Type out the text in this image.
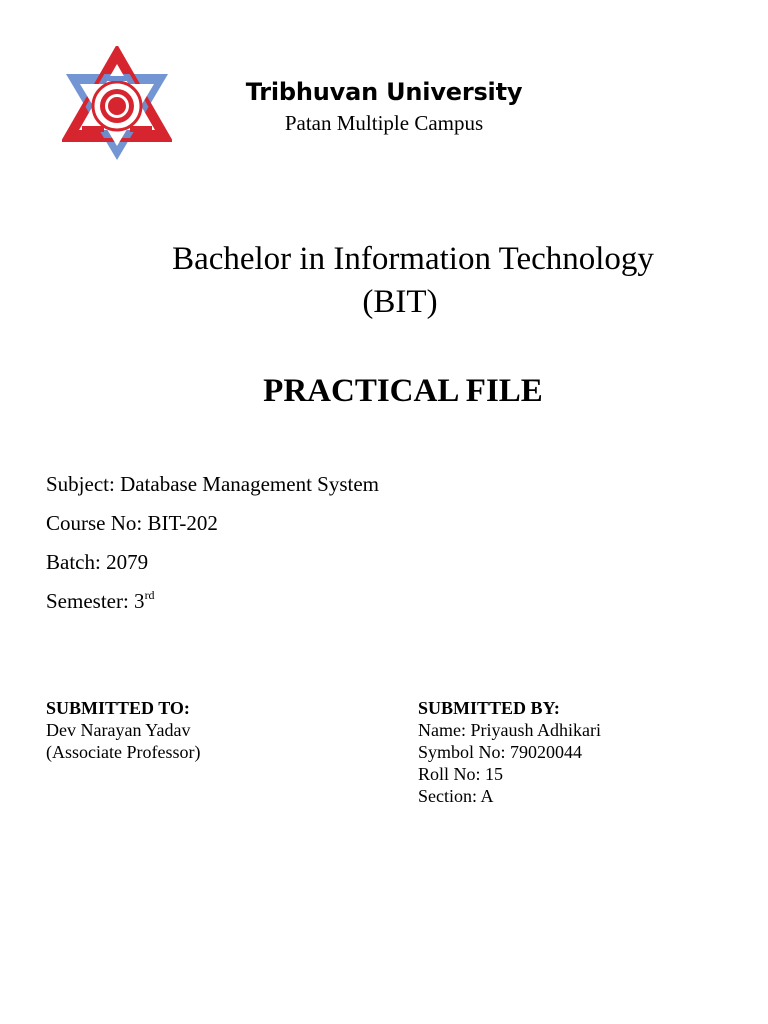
Tribhuvan University
Patan Multiple Campus
Bachelor in Information Technology
(BIT)
PRACTICAL FILE
Subject: Database Management System
Course No: BIT-202
Batch: 2079
Semester: 3rd
SUBMITTED TO:
Dev Narayan Yadav
(Associate Professor)
SUBMITTED BY:
Name: Priyaush Adhikari
Symbol No: 79020044
Roll No: 15
Section: A
